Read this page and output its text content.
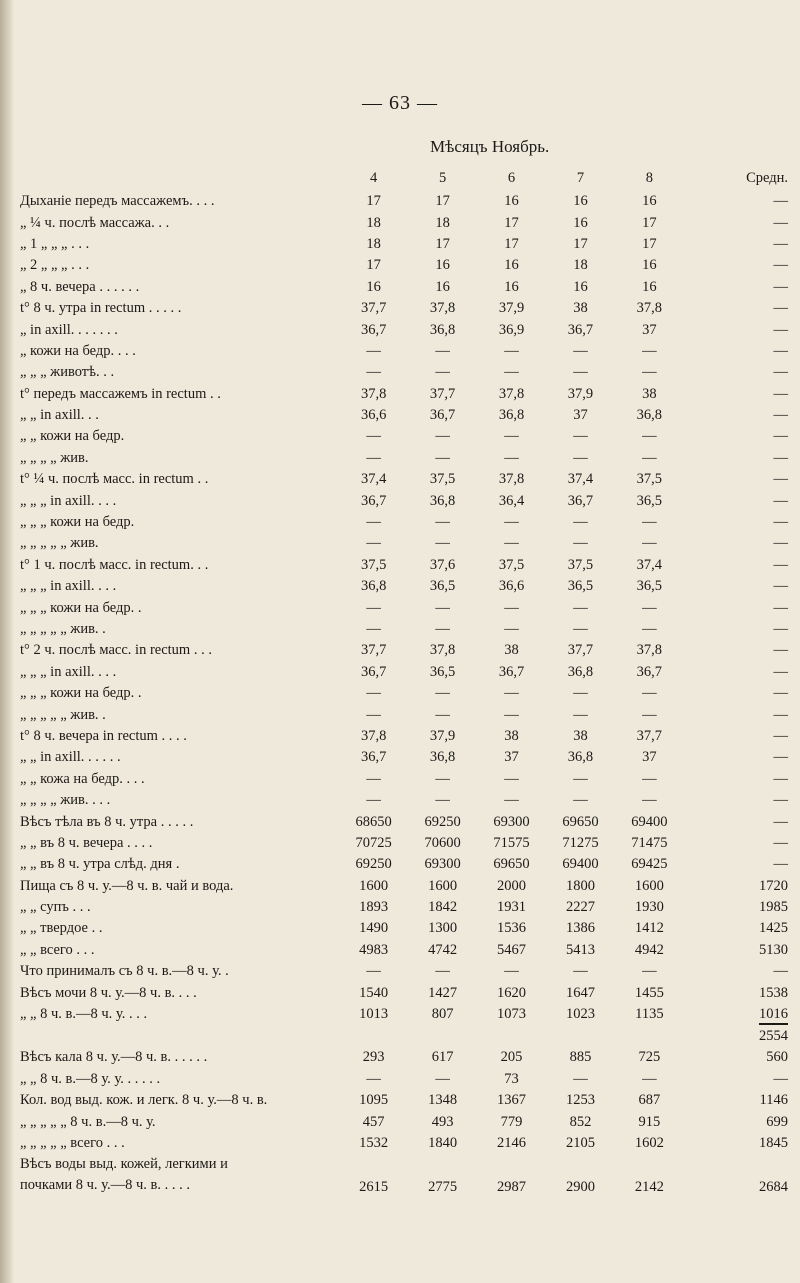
— 63 —
Мѣсяцъ Ноябрь.
	4	5	6	7	8	Средн.
Дыханіе передъ массажемъ. . . .	17	17	16	16	16	—
„ ¼ ч. послѣ массажа. . .	18	18	17	16	17	—
„ 1 „ „ „ . . .	18	17	17	17	17	—
„ 2 „ „ „ . . .	17	16	16	18	16	—
„ 8 ч. вечера . . . . . .	16	16	16	16	16	—
t° 8 ч. утра in rectum . . . . .	37,7	37,8	37,9	38	37,8	—
„ in axill. . . . . . .	36,7	36,8	36,9	36,7	37	—
„ кожи на бедр. . . .	—	—	—	—	—	—
„ „ „ животѣ. . .	—	—	—	—	—	—
t° передъ массажемъ in rectum . .	37,8	37,7	37,8	37,9	38	—
„ „ in axill. . .	36,6	36,7	36,8	37	36,8	—
„ „ кожи на бедр.	—	—	—	—	—	—
„ „ „ „ жив.	—	—	—	—	—	—
t° ¼ ч. послѣ масс. in rectum . .	37,4	37,5	37,8	37,4	37,5	—
„ „ „ in axill. . . .	36,7	36,8	36,4	36,7	36,5	—
„ „ „ кожи на бедр.	—	—	—	—	—	—
„ „ „ „ „ жив.	—	—	—	—	—	—
t° 1 ч. послѣ масс. in rectum. . .	37,5	37,6	37,5	37,5	37,4	—
„ „ „ in axill. . . .	36,8	36,5	36,6	36,5	36,5	—
„ „ „ кожи на бедр. .	—	—	—	—	—	—
„ „ „ „ „ жив. .	—	—	—	—	—	—
t° 2 ч. послѣ масс. in rectum . . .	37,7	37,8	38	37,7	37,8	—
„ „ „ in axill. . . .	36,7	36,5	36,7	36,8	36,7	—
„ „ „ кожи на бедр. .	—	—	—	—	—	—
„ „ „ „ „ жив. .	—	—	—	—	—	—
t° 8 ч. вечера in rectum . . . .	37,8	37,9	38	38	37,7	—
„ „ in axill. . . . . .	36,7	36,8	37	36,8	37	—
„ „ кожа на бедр. . . .	—	—	—	—	—	—
„ „ „ „ жив. . . .	—	—	—	—	—	—
Вѣсъ тѣла въ 8 ч. утра . . . . .	68650	69250	69300	69650	69400	—
„ „ въ 8 ч. вечера . . . .	70725	70600	71575	71275	71475	—
„ „ въ 8 ч. утра слѣд. дня .	69250	69300	69650	69400	69425	—
Пища съ 8 ч. у.—8 ч. в. чай и вода.	1600	1600	2000	1800	1600	1720
„ „ супъ . . .	1893	1842	1931	2227	1930	1985
„ „ твердое . .	1490	1300	1536	1386	1412	1425
„ „ всего . . .	4983	4742	5467	5413	4942	5130
Что принималъ съ 8 ч. в.—8 ч. у. .	—	—	—	—	—	—
Вѣсъ мочи 8 ч. у.—8 ч. в. . . .	1540	1427	1620	1647	1455	1538
„ „ 8 ч. в.—8 ч. у. . . .	1013	807	1073	1023	1135	1016
						2554
Вѣсъ кала 8 ч. у.—8 ч. в. . . . . .	293	617	205	885	725	560
„ „ 8 ч. в.—8 у. у. . . . . .	—	—	73	—	—	—
Кол. вод выд. кож. и легк. 8 ч. у.—8 ч. в.	1095	1348	1367	1253	687	1146
„ „ „ „ „ 8 ч. в.—8 ч. у.	457	493	779	852	915	699
„ „ „ „ „ всего . . .	1532	1840	2146	2105	1602	1845

Вѣсъ воды выд. кожей, легкими и
почками 8 ч. у.—8 ч. в. . . . .	2615	2775	2987	2900	2142	2684
